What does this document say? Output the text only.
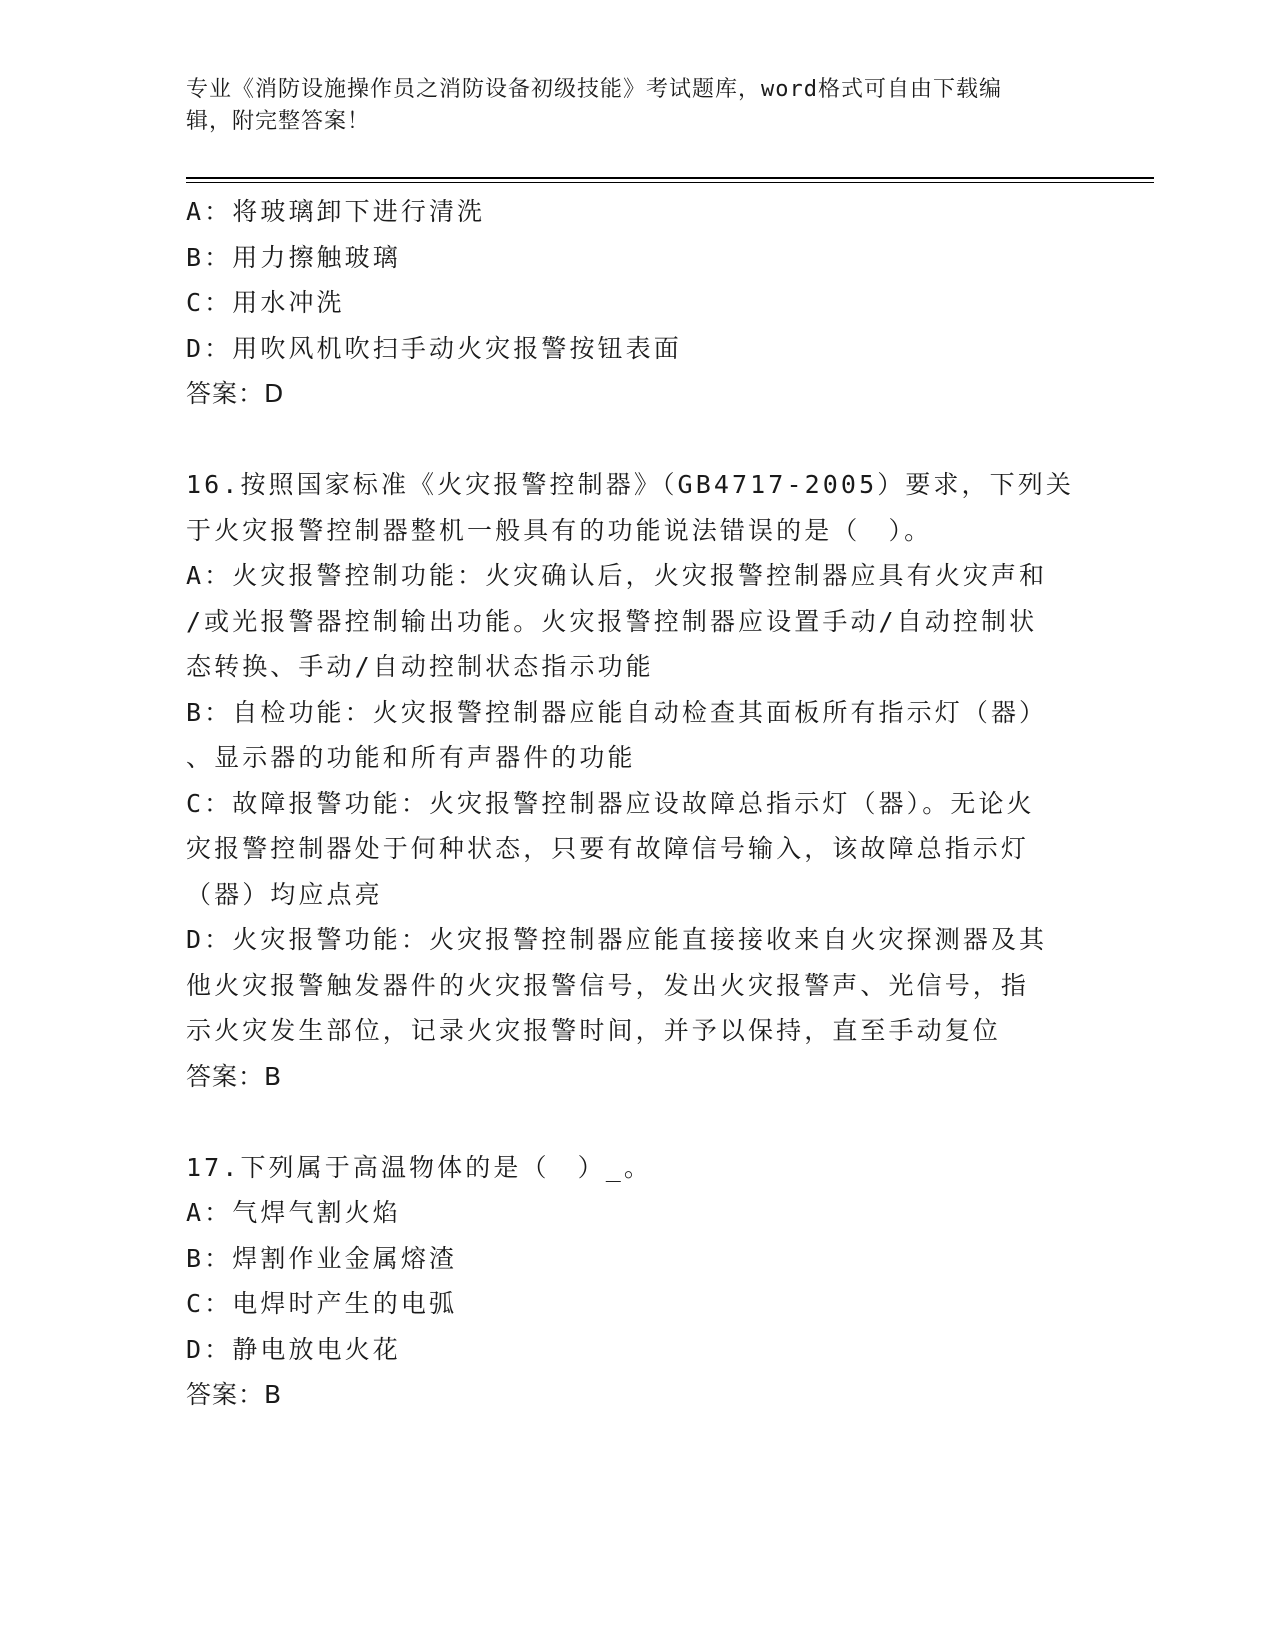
专业《消防设施操作员之消防设备初级技能》考试题库，word格式可自由下载编
辑，附完整答案！
A：将玻璃卸下进行清洗
B：用力擦触玻璃
C：用水冲洗
D：用吹风机吹扫手动火灾报警按钮表面
答案：D
16.按照国家标准《火灾报警控制器》（GB4717-2005）要求，下列关
于火灾报警控制器整机一般具有的功能说法错误的是（　）。
A：火灾报警控制功能：火灾确认后，火灾报警控制器应具有火灾声和
/或光报警器控制输出功能。火灾报警控制器应设置手动/自动控制状
态转换、手动/自动控制状态指示功能
B：自检功能：火灾报警控制器应能自动检查其面板所有指示灯（器）
、显示器的功能和所有声器件的功能
C：故障报警功能：火灾报警控制器应设故障总指示灯（器）。无论火
灾报警控制器处于何种状态，只要有故障信号输入，该故障总指示灯
（器）均应点亮
D：火灾报警功能：火灾报警控制器应能直接接收来自火灾探测器及其
他火灾报警触发器件的火灾报警信号，发出火灾报警声、光信号，指
示火灾发生部位，记录火灾报警时间，并予以保持，直至手动复位
答案：B
17.下列属于高温物体的是（　）_。
A：气焊气割火焰
B：焊割作业金属熔渣
C：电焊时产生的电弧
D：静电放电火花
答案：B
